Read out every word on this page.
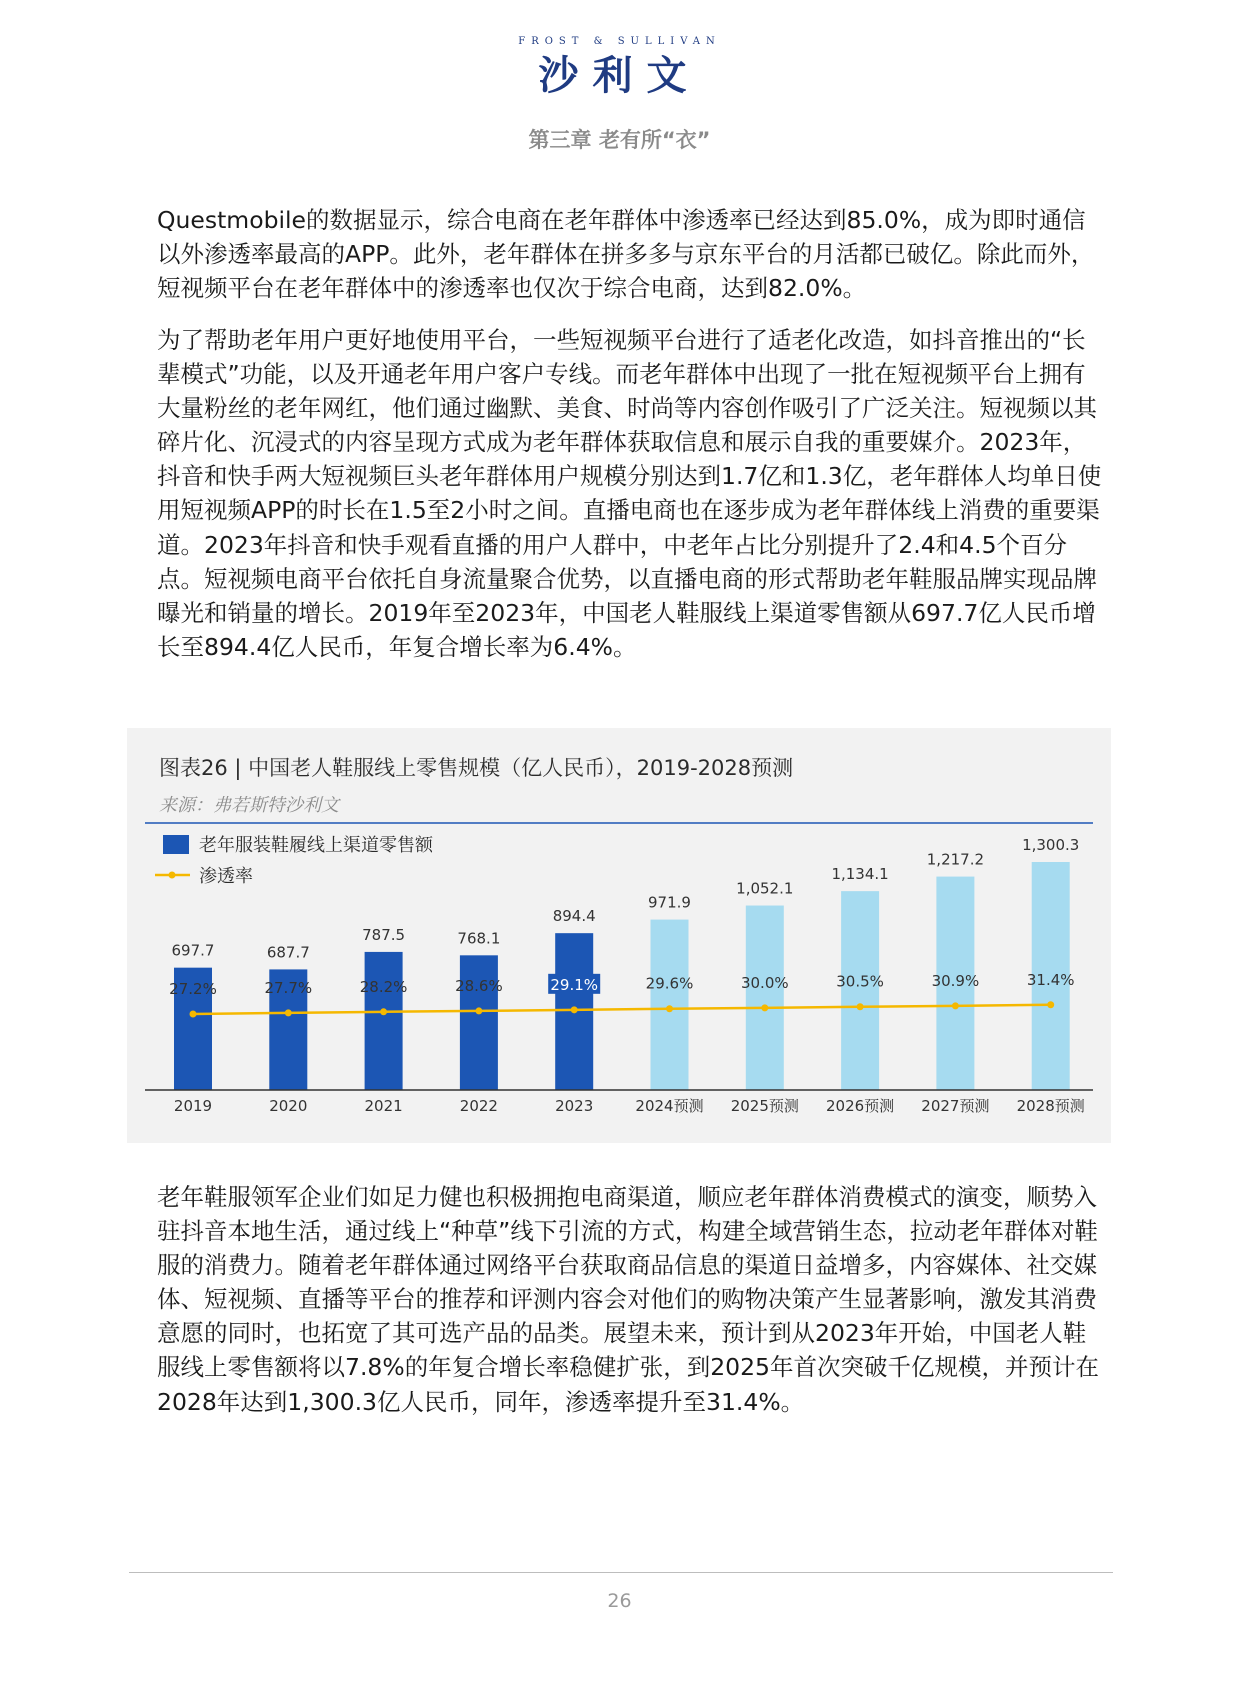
FROST & SULLIVAN
沙利文
第三章 老有所“衣”

Questmobile的数据显示，综合电商在老年群体中渗透率已经达到85.0%，成为即时通信以外渗透率最高的APP。此外，老年群体在拼多多与京东平台的月活都已破亿。除此而外，短视频平台在老年群体中的渗透率也仅次于综合电商，达到82.0%。

为了帮助老年用户更好地使用平台，一些短视频平台进行了适老化改造，如抖音推出的“长辈模式”功能，以及开通老年用户客户专线。而老年群体中出现了一批在短视频平台上拥有大量粉丝的老年网红，他们通过幽默、美食、时尚等内容创作吸引了广泛关注。短视频以其碎片化、沉浸式的内容呈现方式成为老年群体获取信息和展示自我的重要媒介。2023年，抖音和快手两大短视频巨头老年群体用户规模分别达到1.7亿和1.3亿，老年群体人均单日使用短视频APP的时长在1.5至2小时之间。直播电商也在逐步成为老年群体线上消费的重要渠道。2023年抖音和快手观看直播的用户人群中，中老年占比分别提升了2.4和4.5个百分点。短视频电商平台依托自身流量聚合优势，以直播电商的形式帮助老年鞋服品牌实现品牌曝光和销量的增长。2019年至2023年，中国老人鞋服线上渠道零售额从697.7亿人民币增长至894.4亿人民币，年复合增长率为6.4%。

图表26 | 中国老人鞋服线上零售规模（亿人民币），2019-2028预测
来源：弗若斯特沙利文
老年服装鞋履线上渠道零售额
渗透率
697.7
2019
687.7
2020
787.5
2021
768.1
2022
894.4
2023
971.9
2024预测
1,052.1
2025预测
1,134.1
2026预测
1,217.2
2027预测
1,300.3
2028预测
27.2%	27.7%	28.2%	28.6%	29.1%	29.6%	30.0%	30.5%	30.9%	31.4%

老年鞋服领军企业们如足力健也积极拥抱电商渠道，顺应老年群体消费模式的演变，顺势入驻抖音本地生活，通过线上“种草”线下引流的方式，构建全域营销生态，拉动老年群体对鞋服的消费力。随着老年群体通过网络平台获取商品信息的渠道日益增多，内容媒体、社交媒体、短视频、直播等平台的推荐和评测内容会对他们的购物决策产生显著影响，激发其消费意愿的同时，也拓宽了其可选产品的品类。展望未来，预计到从2023年开始，中国老人鞋服线上零售额将以7.8%的年复合增长率稳健扩张，到2025年首次突破千亿规模，并预计在2028年达到1,300.3亿人民币，同年，渗透率提升至31.4%。

26
